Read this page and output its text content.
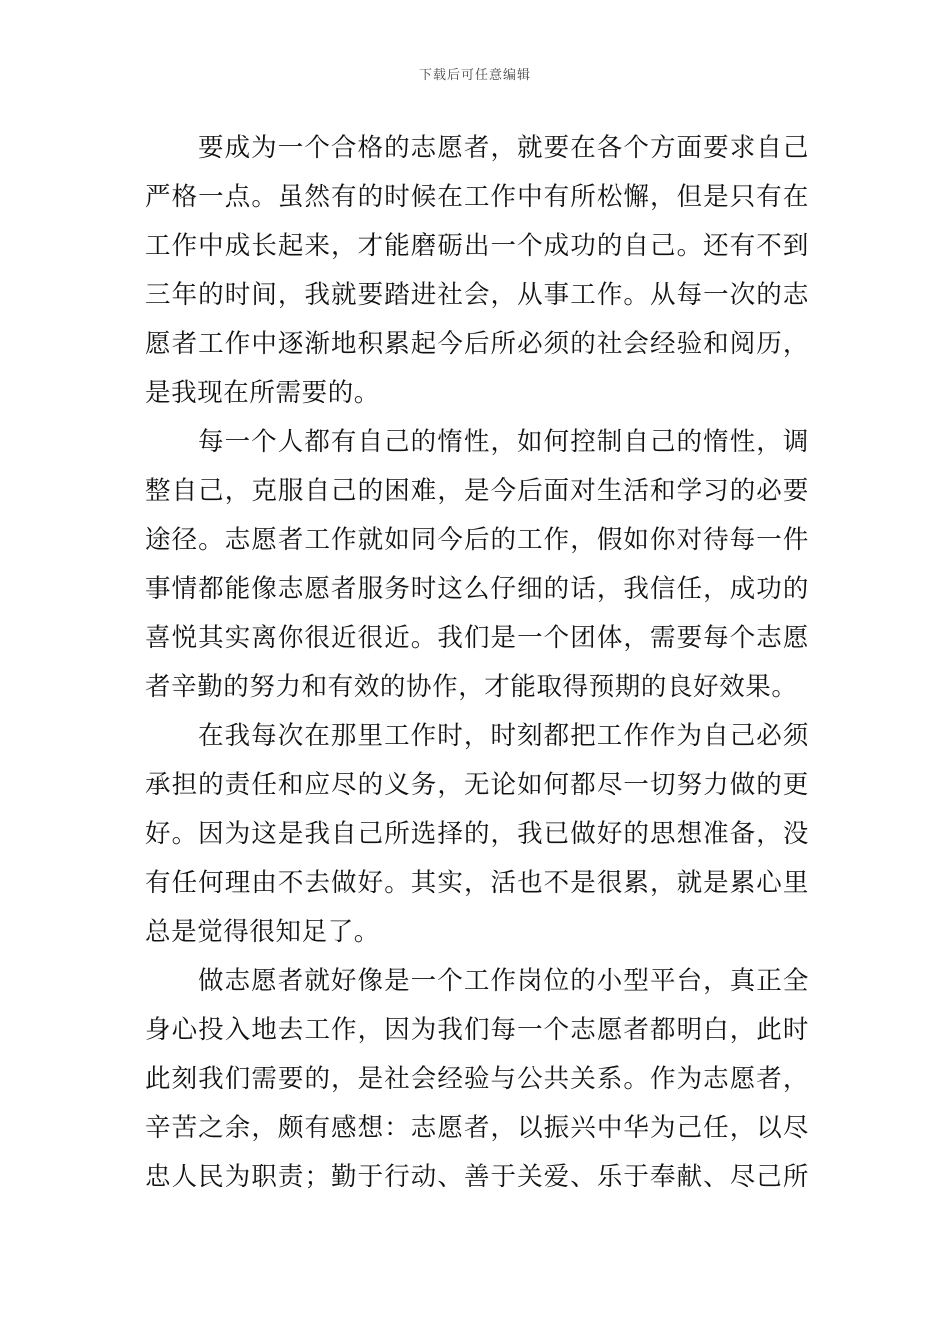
下载后可任意编辑
要成为一个合格的志愿者，就要在各个方面要求自己
严格一点。虽然有的时候在工作中有所松懈，但是只有在
工作中成长起来，才能磨砺出一个成功的自己。还有不到
三年的时间，我就要踏进社会，从事工作。从每一次的志
愿者工作中逐渐地积累起今后所必须的社会经验和阅历，
是我现在所需要的。
每一个人都有自己的惰性，如何控制自己的惰性，调
整自己，克服自己的困难，是今后面对生活和学习的必要
途径。志愿者工作就如同今后的工作，假如你对待每一件
事情都能像志愿者服务时这么仔细的话，我信任，成功的
喜悦其实离你很近很近。我们是一个团体，需要每个志愿
者辛勤的努力和有效的协作，才能取得预期的良好效果。
在我每次在那里工作时，时刻都把工作作为自己必须
承担的责任和应尽的义务，无论如何都尽一切努力做的更
好。因为这是我自己所选择的，我已做好的思想准备，没
有任何理由不去做好。其实，活也不是很累，就是累心里
总是觉得很知足了。
做志愿者就好像是一个工作岗位的小型平台，真正全
身心投入地去工作，因为我们每一个志愿者都明白，此时
此刻我们需要的，是社会经验与公共关系。作为志愿者，
辛苦之余，颇有感想：志愿者，以振兴中华为己任，以尽
忠人民为职责；勤于行动、善于关爱、乐于奉献、尽己所
